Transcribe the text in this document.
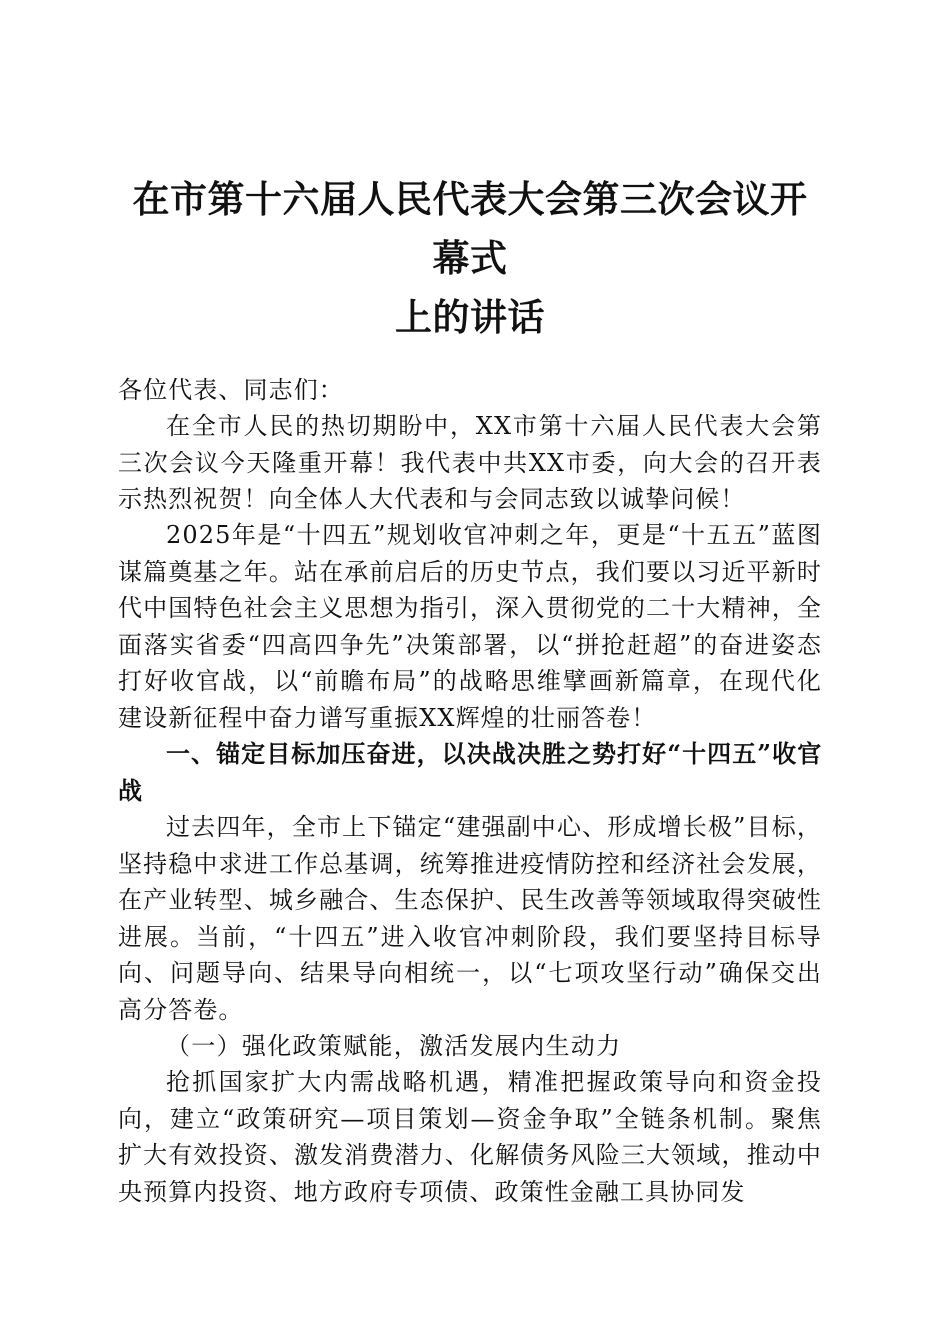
在市第十六届人民代表大会第三次会议开幕式
上的讲话

各位代表、同志们：

在全市人民的热切期盼中，XX市第十六届人民代表大会第三次会议今天隆重开幕！我代表中共XX市委，向大会的召开表示热烈祝贺！向全体人大代表和与会同志致以诚挚问候！

2025年是“十四五”规划收官冲刺之年，更是“十五五”蓝图谋篇奠基之年。站在承前启后的历史节点，我们要以习近平新时代中国特色社会主义思想为指引，深入贯彻党的二十大精神，全面落实省委“四高四争先”决策部署，以“拼抢赶超”的奋进姿态打好收官战，以“前瞻布局”的战略思维擘画新篇章，在现代化建设新征程中奋力谱写重振XX辉煌的壮丽答卷！

一、锚定目标加压奋进，以决战决胜之势打好“十四五”收官战

过去四年，全市上下锚定“建强副中心、形成增长极”目标，坚持稳中求进工作总基调，统筹推进疫情防控和经济社会发展，在产业转型、城乡融合、生态保护、民生改善等领域取得突破性进展。当前，“十四五”进入收官冲刺阶段，我们要坚持目标导向、问题导向、结果导向相统一，以“七项攻坚行动”确保交出高分答卷。

（一）强化政策赋能，激活发展内生动力

抢抓国家扩大内需战略机遇，精准把握政策导向和资金投向，建立“政策研究—项目策划—资金争取”全链条机制。聚焦扩大有效投资、激发消费潜力、化解债务风险三大领域，推动中央预算内投资、地方政府专项债、政策性金融工具协同发
